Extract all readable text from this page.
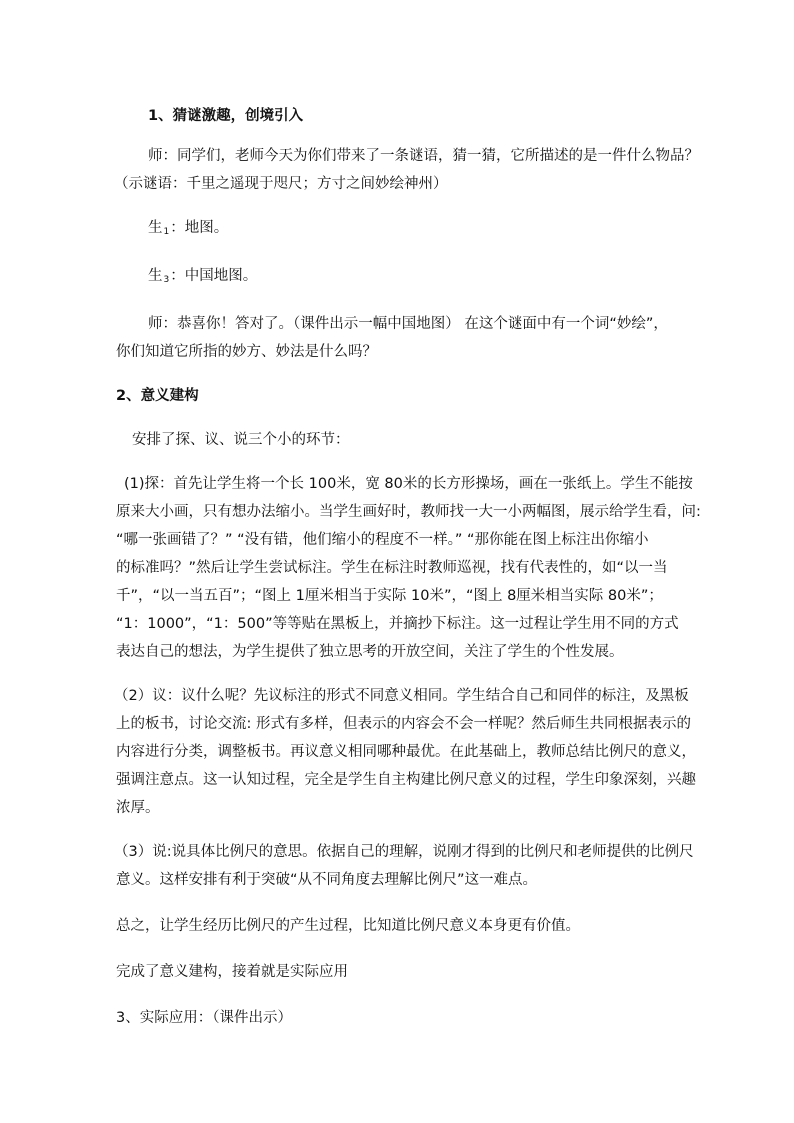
1、猜谜激趣，创境引入

师：同学们，老师今天为你们带来了一条谜语，猜一猜，它所描述的是一件什么物品？
（示谜语：千里之遥现于咫尺；方寸之间妙绘神州）

生$_1$：地图。

生$_3$：中国地图。

师：恭喜你！答对了。（课件出示一幅中国地图） 在这个谜面中有一个词“妙绘”，
你们知道它所指的妙方、妙法是什么吗？

2、意义建构

安排了探、议、说三个小的环节：

(1)探：首先让学生将一个长 100米，宽 80米的长方形操场，画在一张纸上。学生不能按
原来大小画，只有想办法缩小。当学生画好时，教师找一大一小两幅图，展示给学生看，问:
“哪一张画错了？” “没有错，他们缩小的程度不一样。” “那你能在图上标注出你缩小
的标准吗？”然后让学生尝试标注。学生在标注时教师巡视，找有代表性的，如“以一当
千”，“以一当五百”；“图上 1厘米相当于实际 10米”，“图上 8厘米相当实际 80米”；
“1：1000”，“1：500”等等贴在黑板上，并摘抄下标注。这一过程让学生用不同的方式
表达自己的想法，为学生提供了独立思考的开放空间，关注了学生的个性发展。
（2）议：议什么呢？先议标注的形式不同意义相同。学生结合自己和同伴的标注，及黑板
上的板书，讨论交流: 形式有多样，但表示的内容会不会一样呢？然后师生共同根据表示的
内容进行分类，调整板书。再议意义相同哪种最优。在此基础上，教师总结比例尺的意义，
强调注意点。这一认知过程，完全是学生自主构建比例尺意义的过程，学生印象深刻，兴趣
浓厚。
（3）说:说具体比例尺的意思。依据自己的理解，说刚才得到的比例尺和老师提供的比例尺
意义。这样安排有利于突破“从不同角度去理解比例尺”这一难点。

总之，让学生经历比例尺的产生过程，比知道比例尺意义本身更有价值。

完成了意义建构，接着就是实际应用

3、实际应用：（课件出示）
